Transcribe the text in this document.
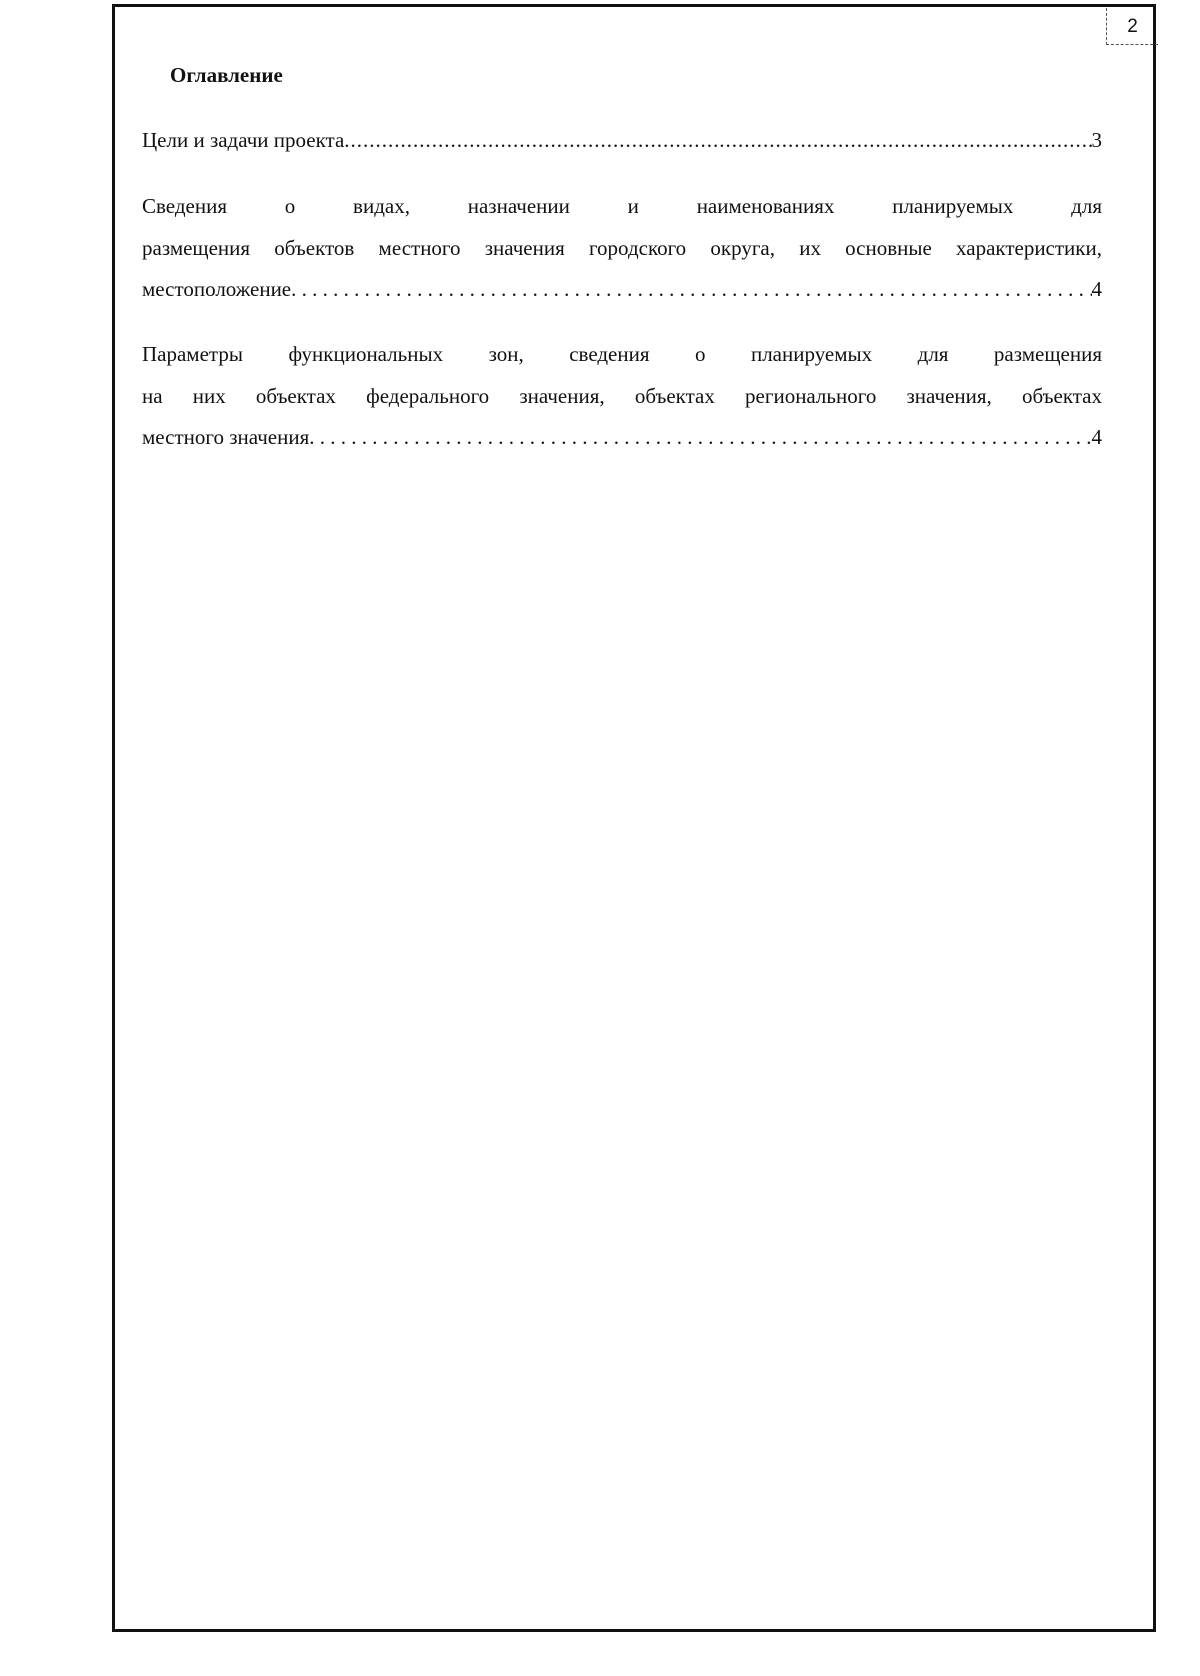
2
Оглавление
Цели и задачи проекта .....	3
Сведения о видах, назначении и наименованиях планируемых для
размещения объектов местного значения городского округа, их основные характеристики,
местоположение . . .	4
Параметры функциональных зон, сведения о планируемых для размещения
на них объектах федерального значения, объектах регионального значения, объектах
местного значения . . .	4
